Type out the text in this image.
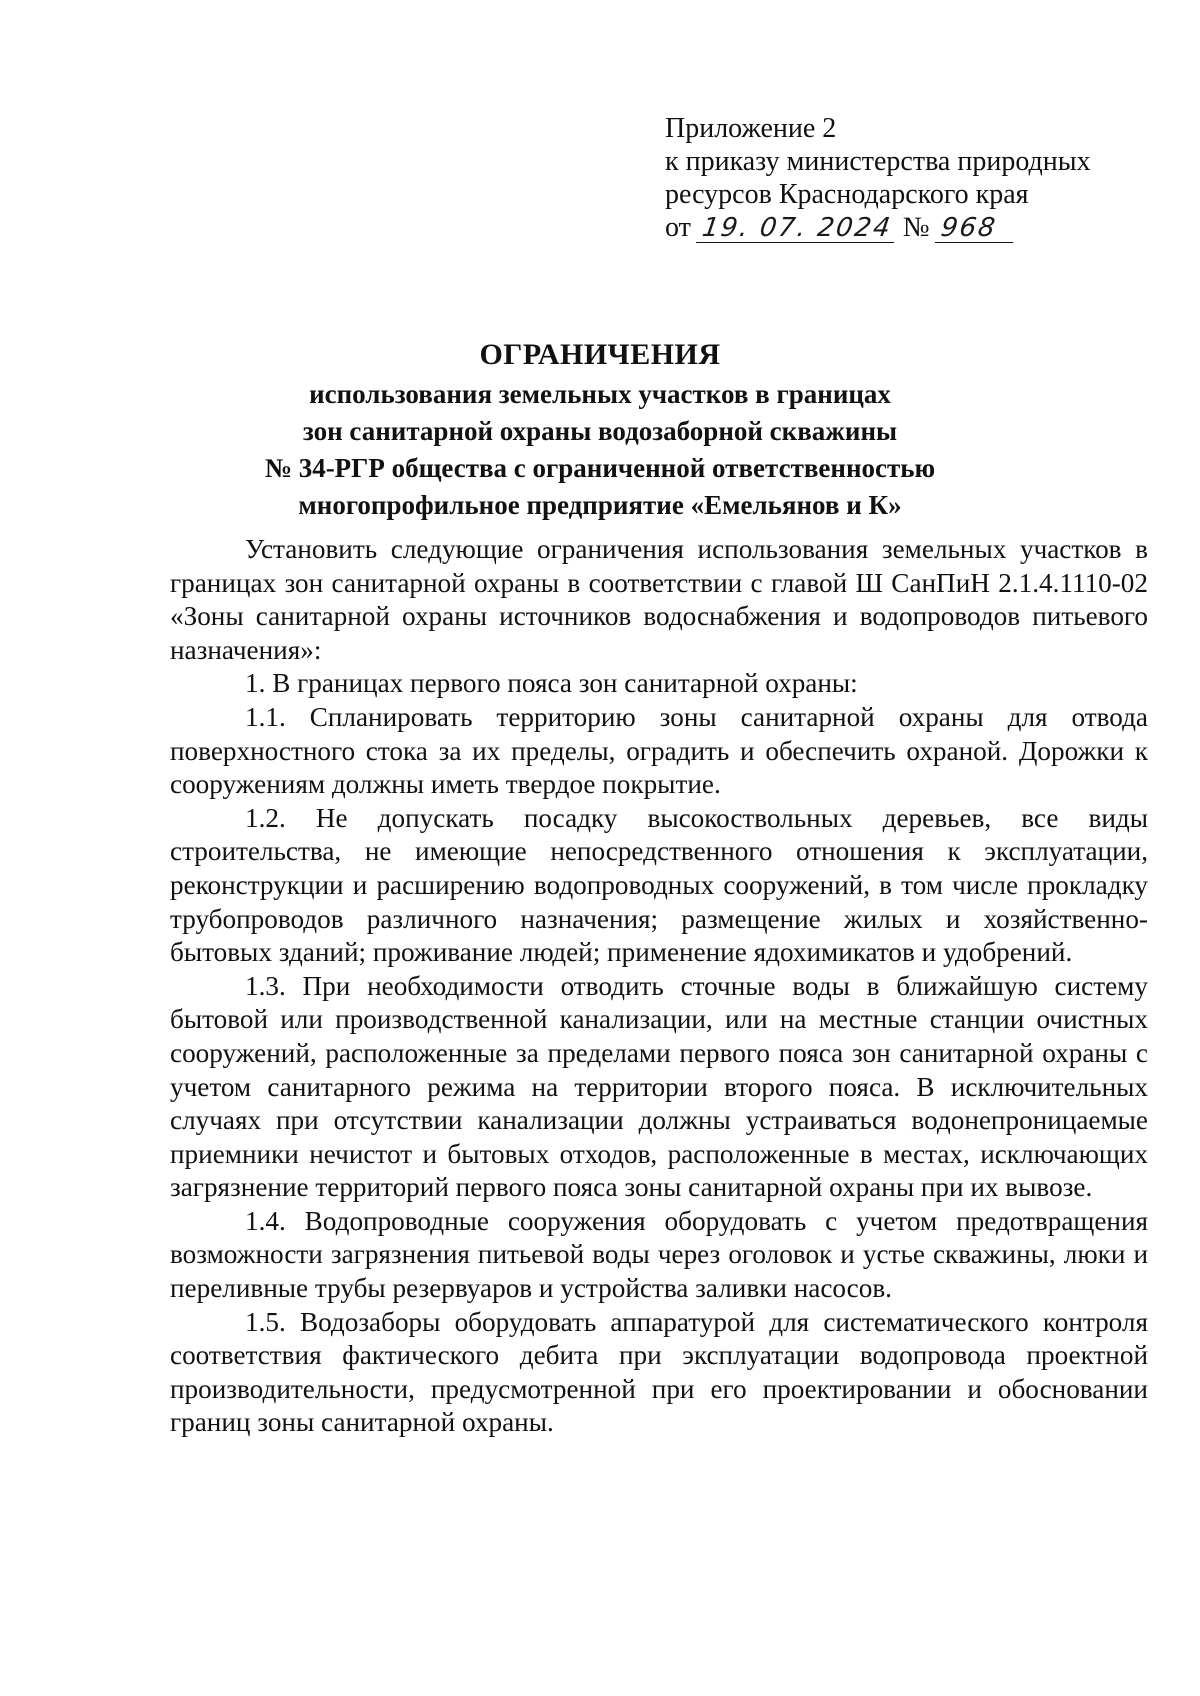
Приложение 2
к приказу министерства природных
ресурсов Краснодарского края
от 19. 07. 2024 № 968
ОГРАНИЧЕНИЯ
использования земельных участков в границах
зон санитарной охраны водозаборной скважины
№ 34-РГР общества с ограниченной ответственностью
многопрофильное предприятие «Емельянов и К»

Установить следующие ограничения использования земельных участков в границах зон санитарной охраны в соответствии с главой Ш СанПиН 2.1.4.1110-02 «Зоны санитарной охраны источников водоснабжения и водопроводов питьевого назначения»:

1. В границах первого пояса зон санитарной охраны:

1.1. Спланировать территорию зоны санитарной охраны для отвода поверхностного стока за их пределы, оградить и обеспечить охраной. Дорожки к сооружениям должны иметь твердое покрытие.

1.2. Не допускать посадку высокоствольных деревьев, все виды строительства, не имеющие непосредственного отношения к эксплуатации, реконструкции и расширению водопроводных сооружений, в том числе прокладку трубопроводов различного назначения; размещение жилых и хозяйственно-бытовых зданий; проживание людей; применение ядохимикатов и удобрений.

1.3. При необходимости отводить сточные воды в ближайшую систему бытовой или производственной канализации, или на местные станции очистных сооружений, расположенные за пределами первого пояса зон санитарной охраны с учетом санитарного режима на территории второго пояса. В исключительных случаях при отсутствии канализации должны устраиваться водонепроницаемые приемники нечистот и бытовых отходов, расположенные в местах, исключающих загрязнение территорий первого пояса зоны санитарной охраны при их вывозе.

1.4. Водопроводные сооружения оборудовать с учетом предотвращения возможности загрязнения питьевой воды через оголовок и устье скважины, люки и переливные трубы резервуаров и устройства заливки насосов.

1.5. Водозаборы оборудовать аппаратурой для систематического контроля соответствия фактического дебита при эксплуатации водопровода проектной производительности, предусмотренной при его проектировании и обосновании границ зоны санитарной охраны.
